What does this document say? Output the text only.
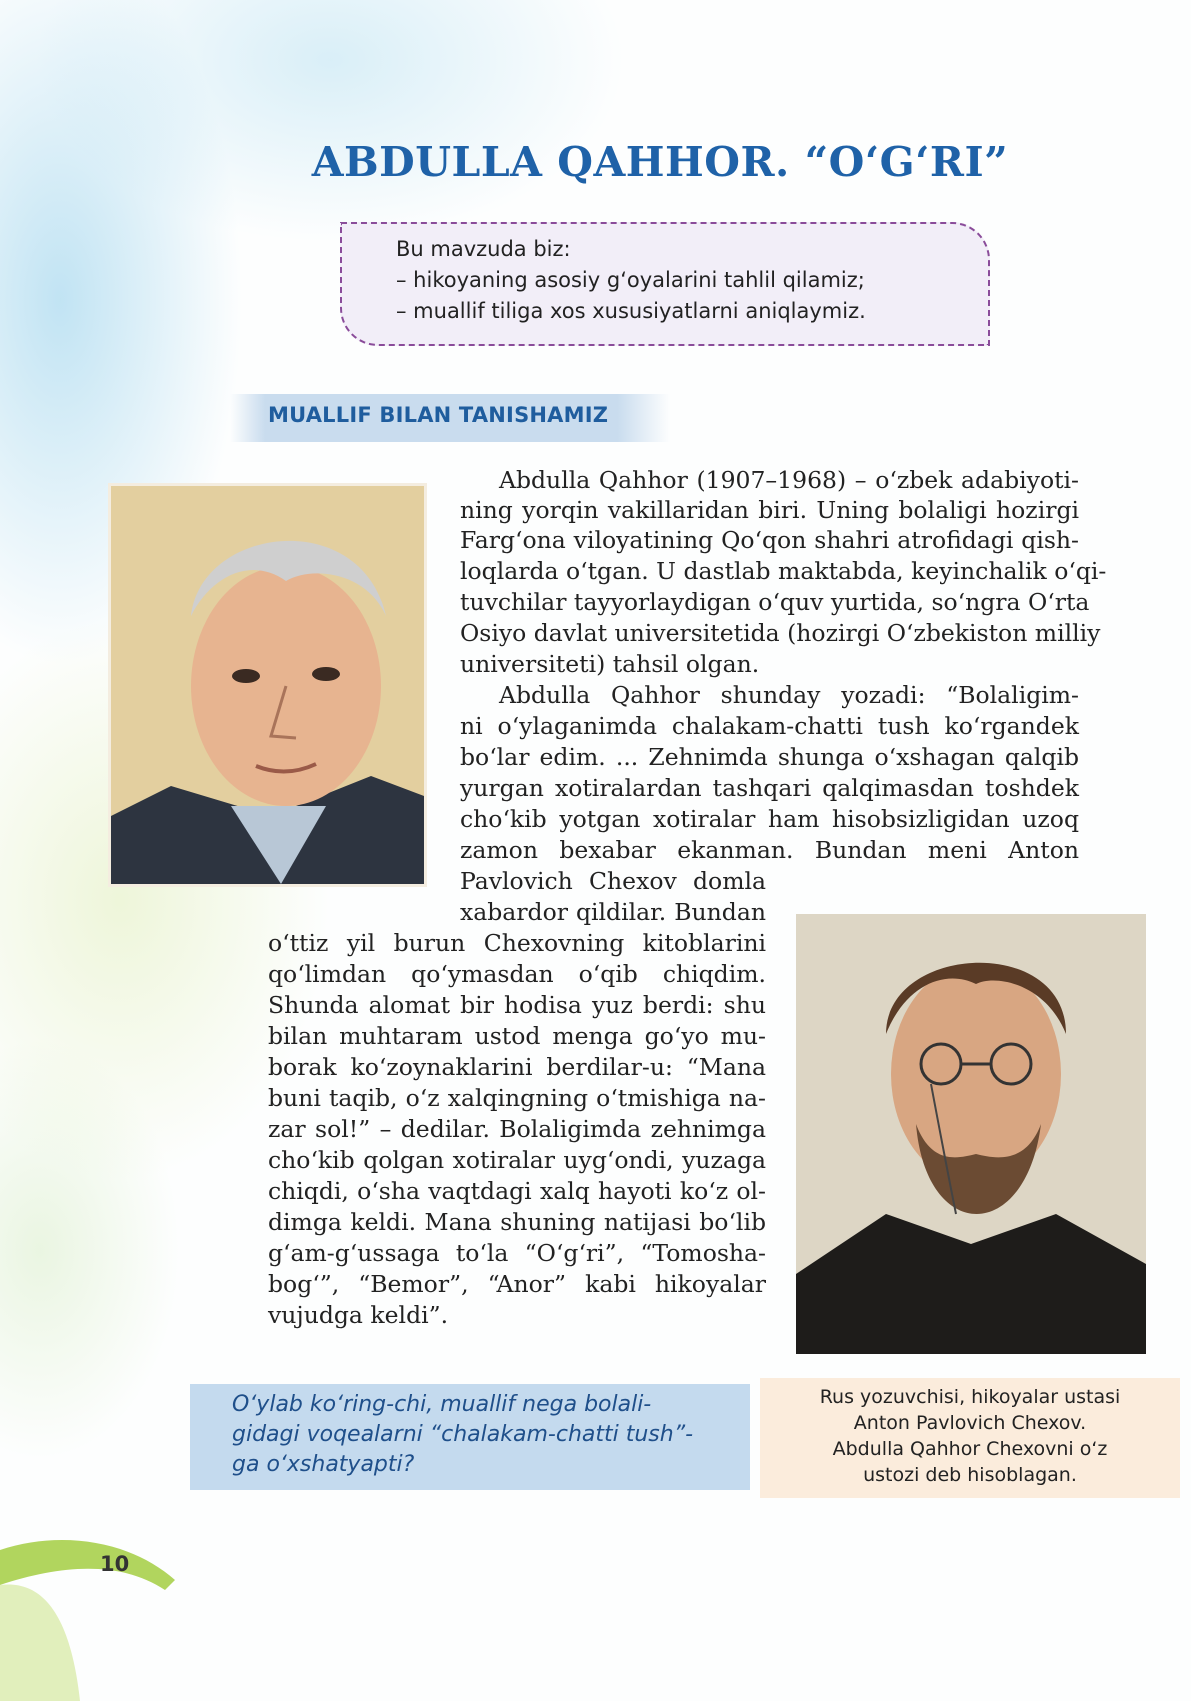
ABDULLA QAHHOR. “O‘G‘RI”
Bu mavzuda biz:
– hikoyaning asosiy g‘oyalarini tahlil qilamiz;
– muallif tiliga xos xususiyatlarni aniqlaymiz.
MUALLIF BILAN TANISHAMIZ
Abdulla Qahhor (1907–1968) – o‘zbek adabiyoti-
ning yorqin vakillaridan biri. Uning bolaligi hozirgi
Farg‘ona viloyatining Qo‘qon shahri atrofidagi qish-
loqlarda o‘tgan. U dastlab maktabda, keyinchalik o‘qi-
tuvchilar tayyorlaydigan o‘quv yurtida, so‘ngra O‘rta
Osiyo davlat universitetida (hozirgi O‘zbekiston milliy
universiteti) tahsil olgan.
Abdulla Qahhor shunday yozadi: “Bolaligim-
ni o‘ylaganimda chalakam-chatti tush ko‘rgandek
bo‘lar edim. ... Zehnimda shunga o‘xshagan qalqib
yurgan xotiralardan tashqari qalqimasdan toshdek
cho‘kib yotgan xotiralar ham hisobsizligidan uzoq
zamon bexabar ekanman. Bundan meni Anton
Pavlovich Chexov domla
xabardor qildilar. Bundan
o‘ttiz yil burun Chexovning kitoblarini
qo‘limdan qo‘ymasdan o‘qib chiqdim.
Shunda alomat bir hodisa yuz berdi: shu
bilan muhtaram ustod menga go‘yo mu-
borak ko‘zoynaklarini berdilar-u: “Mana
buni taqib, o‘z xalqingning o‘tmishiga na-
zar sol!” – dedilar. Bolaligimda zehnimga
cho‘kib qolgan xotiralar uyg‘ondi, yuzaga
chiqdi, o‘sha vaqtdagi xalq hayoti ko‘z ol-
dimga keldi. Mana shuning natijasi bo‘lib
g‘am-g‘ussaga to‘la “O‘g‘ri”, “Tomosha-
bog‘”, “Bemor”, “Anor” kabi hikoyalar
vujudga keldi”.
O‘ylab ko‘ring-chi, muallif nega bolali-
gidagi voqealarni “chalakam-chatti tush”-
ga o‘xshatyapti?
Rus yozuvchisi, hikoyalar ustasi
Anton Pavlovich Chexov.
Abdulla Qahhor Chexovni o‘z
ustozi deb hisoblagan.
10
